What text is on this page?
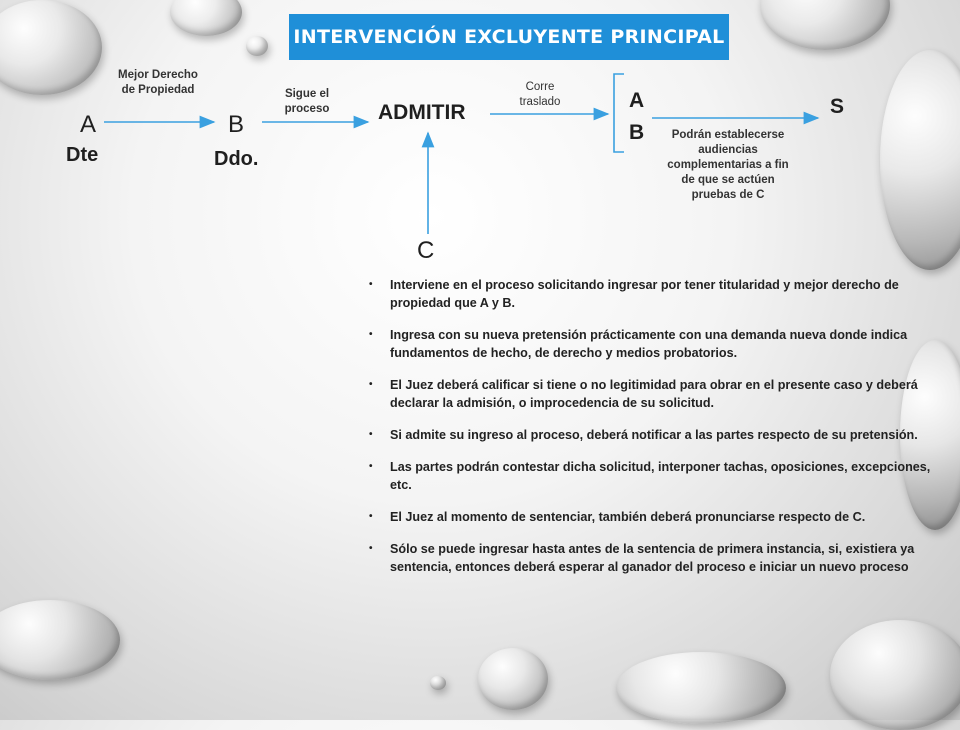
INTERVENCIÓN EXCLUYENTE PRINCIPAL
A
Dte
B
Ddo.
ADMITIR
C
A
B
S
Mejor Derecho de Propiedad	Sigue el proceso
Corre traslado
Podrán establecerse audiencias complementarias a fin de que se actúen pruebas de C
• Interviene en el proceso solicitando ingresar por tener titularidad y mejor derecho de propiedad que A y B.
• Ingresa con su nueva pretensión prácticamente con una demanda nueva donde indica fundamentos de hecho, de derecho y medios probatorios.
• El Juez deberá calificar si tiene o no legitimidad para obrar en el presente caso y deberá declarar la admisión, o improcedencia de su solicitud.
• Si admite su ingreso al proceso, deberá notificar a las partes respecto de su pretensión.
• Las partes podrán contestar dicha solicitud, interponer tachas, oposiciones, excepciones, etc.
• El Juez al momento de sentenciar, también deberá pronunciarse respecto de C.
• Sólo se puede ingresar hasta antes de la sentencia de primera instancia, si, existiera ya sentencia, entonces deberá esperar al ganador del proceso e iniciar un nuevo proceso
